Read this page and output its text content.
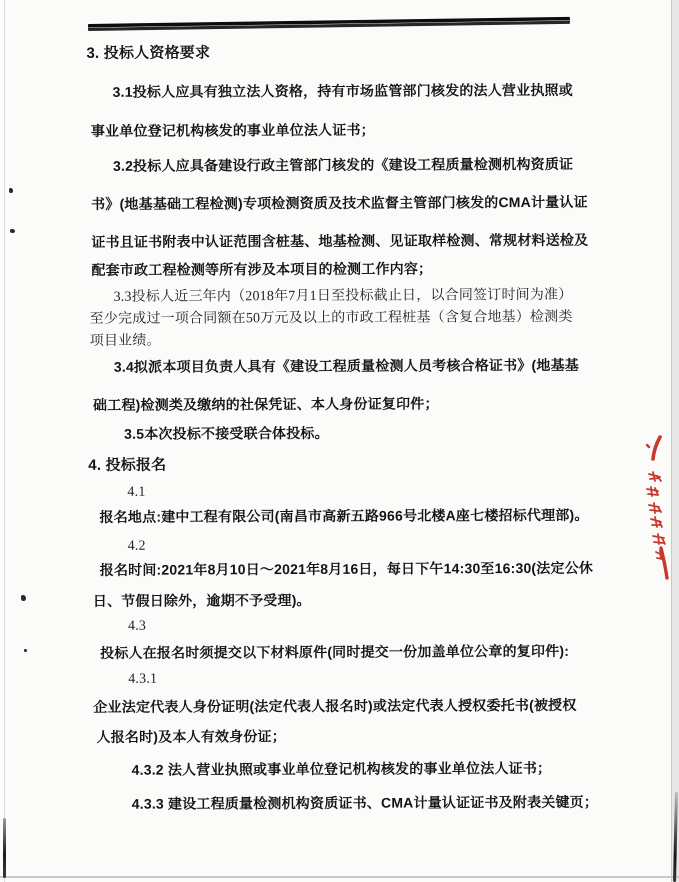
3. 投标人资格要求
3.1投标人应具有独立法人资格，持有市场监管部门核发的法人营业执照或
事业单位登记机构核发的事业单位法人证书；
3.2投标人应具备建设行政主管部门核发的《建设工程质量检测机构资质证
书》(地基基础工程检测)专项检测资质及技术监督主管部门核发的CMA计量认证
证书且证书附表中认证范围含桩基、地基检测、见证取样检测、常规材料送检及
配套市政工程检测等所有涉及本项目的检测工作内容；
3.3投标人近三年内（2018年7月1日至投标截止日，以合同签订时间为准）
至少完成过一项合同额在50万元及以上的市政工程桩基（含复合地基）检测类
项目业绩。
3.4拟派本项目负责人具有《建设工程质量检测人员考核合格证书》(地基基
础工程)检测类及缴纳的社保凭证、本人身份证复印件；
3.5本次投标不接受联合体投标。
4. 投标报名
4.1
报名地点:建中工程有限公司(南昌市高新五路966号北楼A座七楼招标代理部)。
4.2
报名时间:2021年8月10日～2021年8月16日，每日下午14:30至16:30(法定公休
日、节假日除外，逾期不予受理)。
4.3
投标人在报名时须提交以下材料原件(同时提交一份加盖单位公章的复印件):
4.3.1
企业法定代表人身份证明(法定代表人报名时)或法定代表人授权委托书(被授权
人报名时)及本人有效身份证；
4.3.2 法人营业执照或事业单位登记机构核发的事业单位法人证书；
4.3.3 建设工程质量检测机构资质证书、CMA计量认证证书及附表关键页；
